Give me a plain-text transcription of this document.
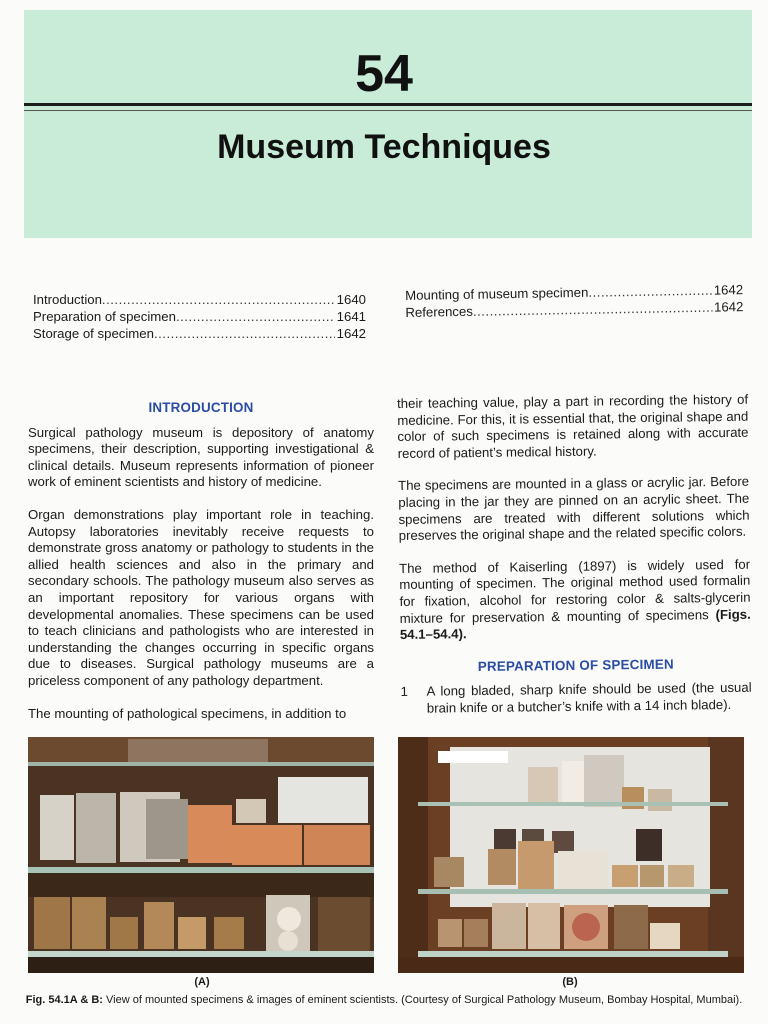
54
Museum Techniques
Introduction .....	1640
Preparation of specimen .....	1641
Storage of specimen .....	1642
Mounting of museum specimen .....	1642
References .....	1642

INTRODUCTION

Surgical pathology museum is depository of anatomy specimens, their description, supporting investigational & clinical details. Museum represents information of pioneer work of eminent scientists and history of medicine.

Organ demonstrations play important role in teaching. Autopsy laboratories inevitably receive requests to demonstrate gross anatomy or pathology to students in the allied health sciences and also in the primary and secondary schools. The pathology museum also serves as an important repository for various organs with developmental anomalies. These specimens can be used to teach clinicians and pathologists who are interested in understanding the changes occurring in specific organs due to diseases. Surgical pathology museums are a priceless component of any pathology department.

The mounting of pathological specimens, in addition to

their teaching value, play a part in recording the history of medicine. For this, it is essential that, the original shape and color of such specimens is retained along with accurate record of patient’s medical history.

The specimens are mounted in a glass or acrylic jar. Before placing in the jar they are pinned on an acrylic sheet. The specimens are treated with different solutions which preserves the original shape and the related specific colors.

The method of Kaiserling (1897) is widely used for mounting of specimen. The original method used formalin for fixation, alcohol for restoring color & salts-glycerin mixture for preservation & mounting of specimens (Figs. 54.1–54.4).

PREPARATION OF SPECIMEN

1	A long bladed, sharp knife should be used (the usual brain knife or a butcher’s knife with a 14 inch blade).
(A)	(B)
Fig. 54.1A & B: View of mounted specimens & images of eminent scientists. (Courtesy of Surgical Pathology Museum, Bombay Hospital, Mumbai).
